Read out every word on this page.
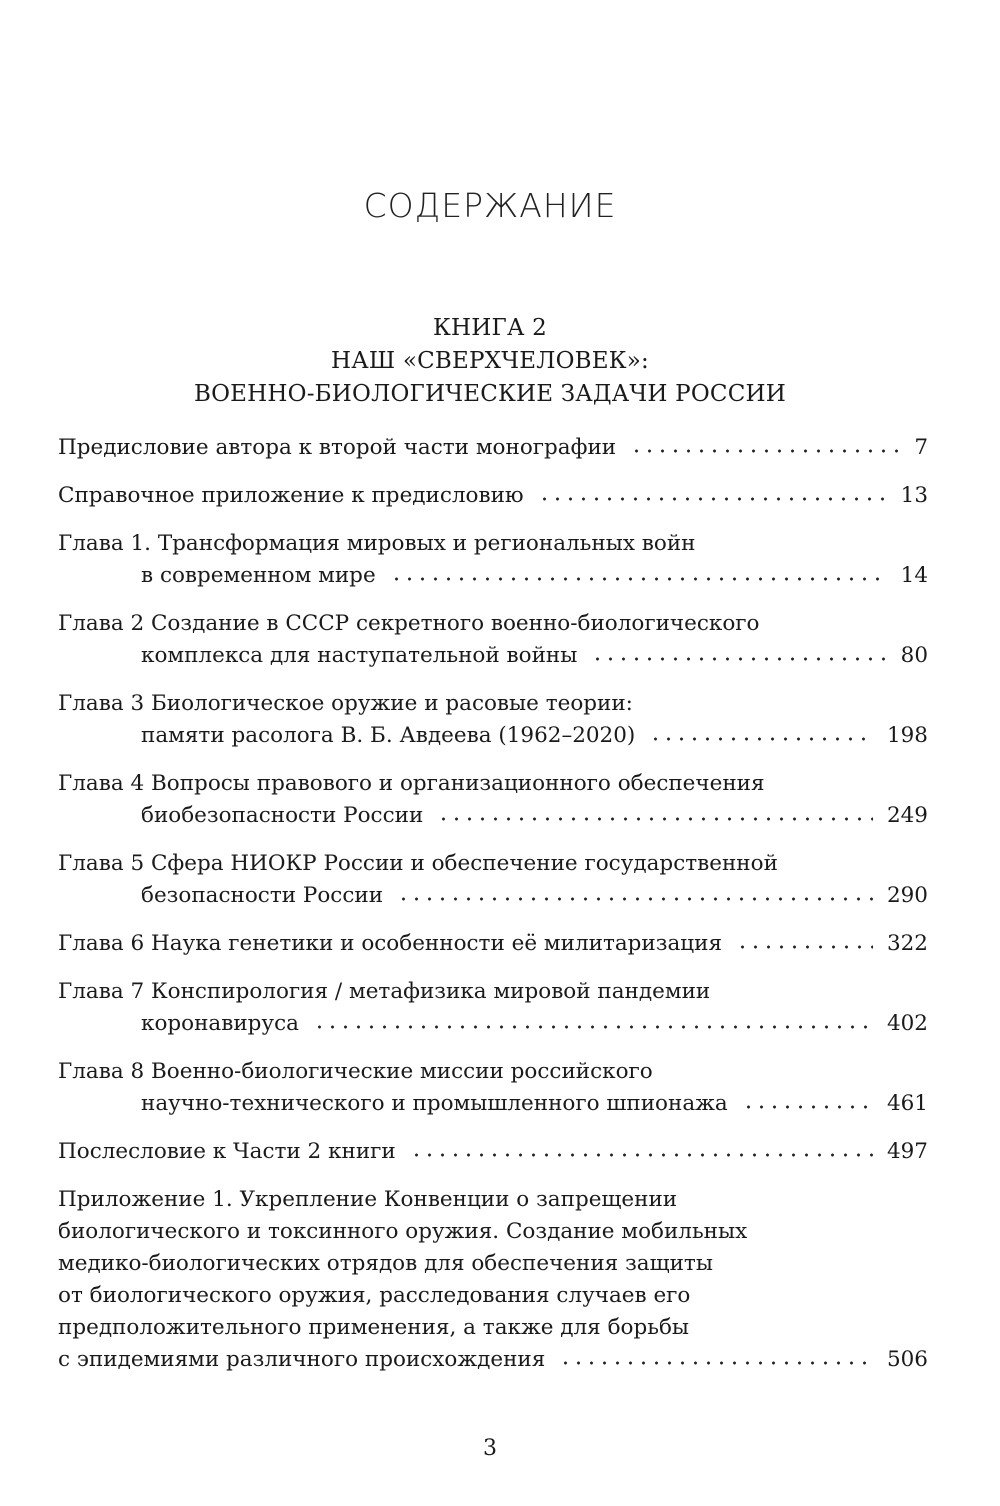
СОДЕРЖАНИЕ
КНИГА 2
НАШ «СВЕРХЧЕЛОВЕК»:
ВОЕННО-БИОЛОГИЧЕСКИЕ ЗАДАЧИ РОССИИ
Предисловие автора к второй части монографии	7
Справочное приложение к предисловию	13
Глава 1. Трансформация мировых и региональных войн
в современном мире	14
Глава 2 Создание в СССР секретного военно-биологического
комплекса для наступательной войны	80
Глава 3 Биологическое оружие и расовые теории:
памяти расолога В. Б. Авдеева (1962–2020)	198
Глава 4 Вопросы правового и организационного обеспечения
биобезопасности России	249
Глава 5 Сфера НИОКР России и обеспечение государственной
безопасности России	290
Глава 6 Наука генетики и особенности её милитаризация	322
Глава 7 Конспирология / метафизика мировой пандемии
коронавируса	402
Глава 8 Военно-биологические миссии российского
научно-технического и промышленного шпионажа	461
Послесловие к Части 2 книги	497
Приложение 1. Укрепление Конвенции о запрещении
биологического и токсинного оружия. Создание мобильных
медико-биологических отрядов для обеспечения защиты
от биологического оружия, расследования случаев его
предположительного применения, а также для борьбы
с эпидемиями различного происхождения	506
3
